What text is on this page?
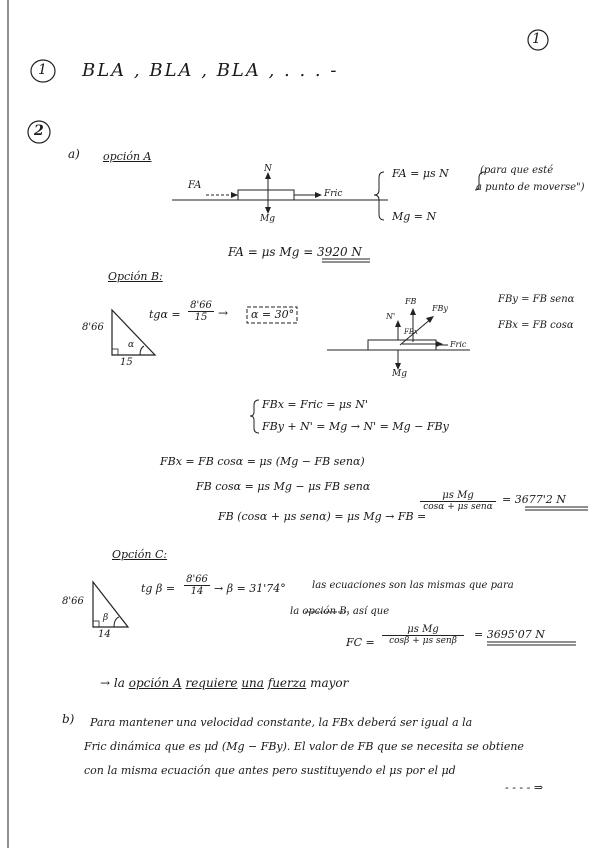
1
1 BLA , BLA , BLA , . . . -
2
a) opción A
FA
Fric
N
Mg
FA = μs N
Mg = N
(para que esté
a punto de moverse")
FA = μs Mg = 3920 N
Opción B:
8'66
15
α
$tg\alpha = \frac{8'66}{15} \to \alpha = 30^\circ$
FBy = FB senα
FBx = FB cosα
FB
FBy
N'
FBx
Fric
Mg
FBx = Fric = μs N'
FBy + N' = Mg → N' = Mg − FBy
FBx = FB cosα = μs (Mg − FB senα)
FB cosα = μs Mg − μs FB senα
FB (cosα + μs senα) = μs Mg → FB =
μs Mg
cosα + μs senα
= 3677'2 N
Opción C:
8'66
14
β
tg $\beta = \frac{8'66}{14} \to \beta = 31'74^\circ$	las ecuaciones son las mismas que para
la opción B, así que
FC =
μs Mg
cosβ + μs senβ	= 3695'07 N
→ la opción A requiere una fuerza mayor
b) Para mantener una velocidad constante, la FBx deberá ser igual a la
Fric dinámica que es μd (Mg − FBy). El valor de FB que se necesita se obtiene
con la misma ecuación que antes pero sustituyendo el μs por el μd
- - - - ⇒
